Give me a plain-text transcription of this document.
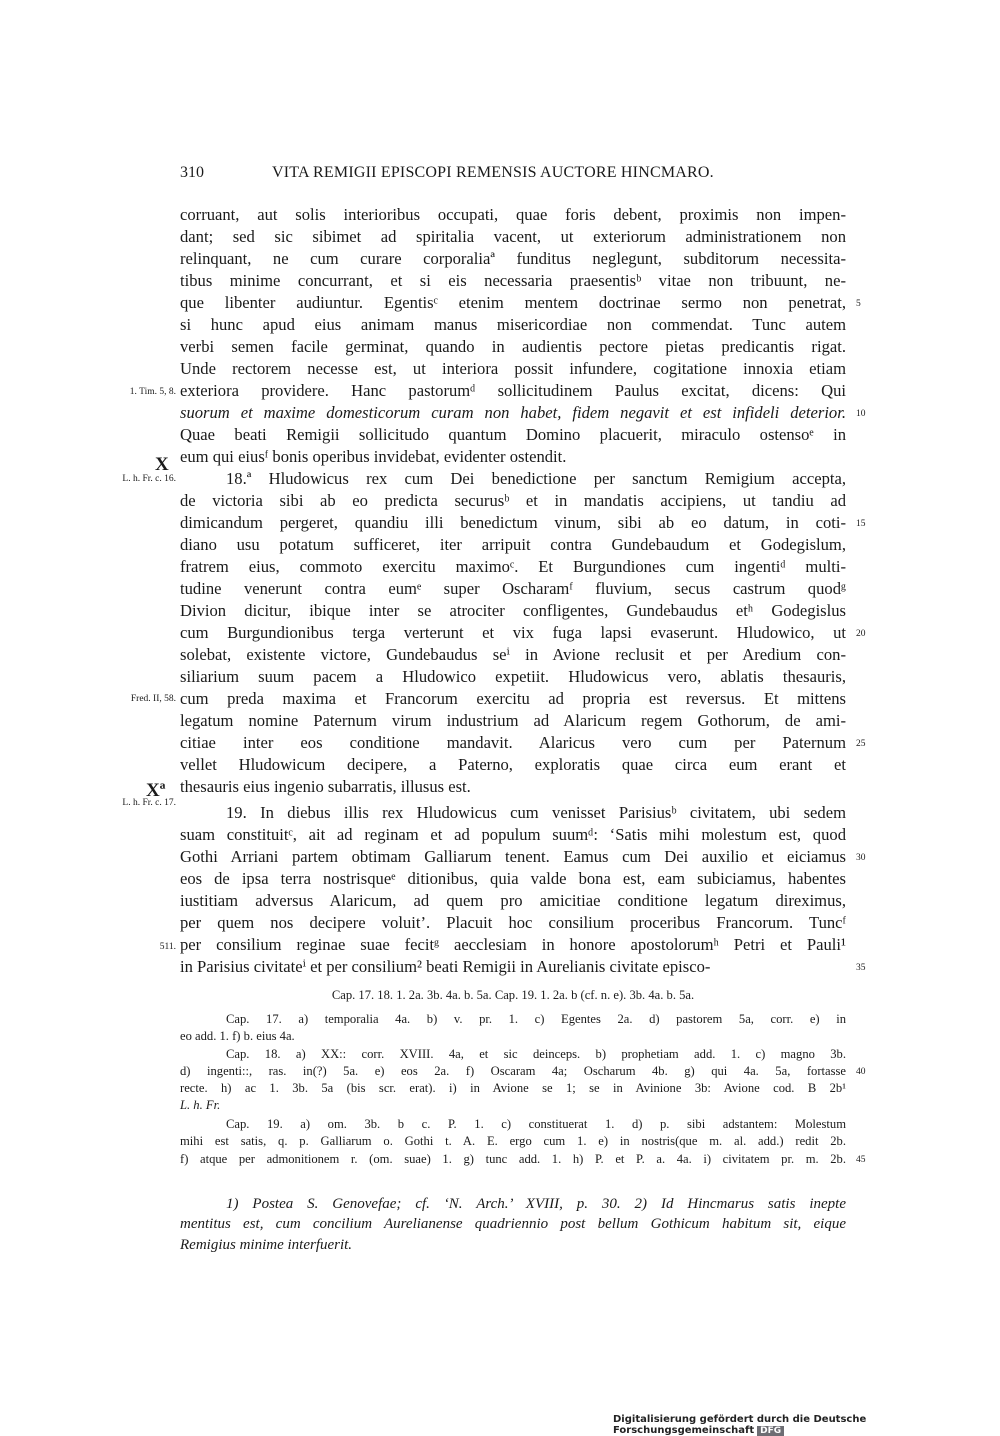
310	VITA REMIGII EPISCOPI REMENSIS AUCTORE HINCMARO.
corruant, aut solis interioribus occupati, quae foris debent, proximis non impen-
dant; sed sic sibimet ad spiritalia vacent, ut exteriorum administrationem non
relinquant, ne cum curare corporaliaª funditus neglegunt, subditorum necessita-
tibus minime concurrant, et si eis necessaria praesentisᵇ vitae non tribuunt, ne-
que libenter audiuntur. Egentisᶜ etenim mentem doctrinae sermo non penetrat,
si hunc apud eius animam manus misericordiae non commendat. Tunc autem
verbi semen facile germinat, quando in audientis pectore pietas predicantis rigat.
Unde rectorem necesse est, ut interiora possit infundere, cogitatione innoxia etiam
exteriora providere. Hanc pastorumᵈ sollicitudinem Paulus excitat, dicens: Qui
suorum et maxime domesticorum curam non habet, fidem negavit et est infideli deterior.
Quae beati Remigii sollicitudo quantum Domino placuerit, miraculo ostensoᵉ in
eum qui eiusᶠ bonis operibus invidebat, evidenter ostendit.
18.ª Hludowicus rex cum Dei benedictione per sanctum Remigium accepta,
de victoria sibi ab eo predicta securusᵇ et in mandatis accipiens, ut tandiu ad
dimicandum pergeret, quandiu illi benedictum vinum, sibi ab eo datum, in coti-
diano usu potatum sufficeret, iter arripuit contra Gundebaudum et Godegislum,
fratrem eius, commoto exercitu maximoᶜ. Et Burgundiones cum ingentiᵈ multi-
tudine venerunt contra eumᵉ super Oscharamᶠ fluvium, secus castrum quodᵍ
Divion dicitur, ibique inter se atrociter confligentes, Gundebaudus etʰ Godegislus
cum Burgundionibus terga verterunt et vix fuga lapsi evaserunt. Hludowico, ut
solebat, existente victore, Gundebaudus seⁱ in Avione reclusit et per Aredium con-
siliarium suum pacem a Hludowico expetiit. Hludowicus vero, ablatis thesauris,
cum preda maxima et Francorum exercitu ad propria est reversus. Et mittens
legatum nomine Paternum virum industrium ad Alaricum regem Gothorum, de ami-
citiae inter eos conditione mandavit. Alaricus vero cum per Paternum
vellet Hludowicum decipere, a Paterno, exploratis quae circa eum erant et
thesauris eius ingenio subarratis, illusus est.
19. In diebus illis rex Hludowicus cum venisset Parisiusᵇ civitatem, ubi sedem
suam constituitᶜ, ait ad reginam et ad populum suumᵈ: ‘Satis mihi molestum est, quod
Gothi Arriani partem obtimam Galliarum tenent. Eamus cum Dei auxilio et eiciamus
eos de ipsa terra nostrisqueᵉ ditionibus, quia valde bona est, eam subiciamus, habentes
iustitiam adversus Alaricum, ad quem pro amicitiae conditione legatum direximus,
per quem nos decipere voluit’. Placuit hoc consilium proceribus Francorum. Tuncᶠ
per consilium reginae suae fecitᵍ aecclesiam in honore apostolorumʰ Petri et Pauli¹
in Parisius civitateⁱ et per consilium² beati Remigii in Aurelianis civitate episco-
5
10
15
20
25
30
35
1. Tim. 5, 8.
X
L. h. Fr. c. 16.
Fred. II, 58.
Xª
L. h. Fr. c. 17.
511.
Cap. 17. 18. 1. 2a. 3b. 4a. b. 5a. Cap. 19. 1. 2a. b (cf. n. e). 3b. 4a. b. 5a.
Cap. 17. a) temporalia 4a. b) v. pr. 1. c) Egentes 2a. d) pastorem 5a, corr. e) in
eo add. 1. f) b. eius 4a.
Cap. 18. a) XX:: corr. XVIII. 4a, et sic deinceps. b) prophetiam add. 1. c) magno 3b.
d) ingenti::, ras. in(?) 5a. e) eos 2a. f) Oscaram 4a; Oscharum 4b. g) qui 4a. 5a, fortasse
recte. h) ac 1. 3b. 5a (bis scr. erat). i) in Avione se 1; se in Avinione 3b: Avione cod. B 2b¹
L. h. Fr.
Cap. 19. a) om. 3b. b c. P. 1. c) constituerat 1. d) p. sibi adstantem: Molestum
mihi est satis, q. p. Galliarum o. Gothi t. A. E. ergo cum 1. e) in nostris(que m. al. add.) redit 2b.
f) atque per admonitionem r. (om. suae) 1. g) tunc add. 1. h) P. et P. a. 4a. i) civitatem pr. m. 2b.
40
45
1) Postea S. Genovefae; cf. ‘N. Arch.’ XVIII, p. 30. 2) Id Hincmarus satis inepte
mentitus est, cum concilium Aurelianense quadriennio post bellum Gothicum habitum sit, eique
Remigius minime interfuerit.
Digitalisierung gefördert durch die Deutsche Forschungsgemeinschaft DFG
